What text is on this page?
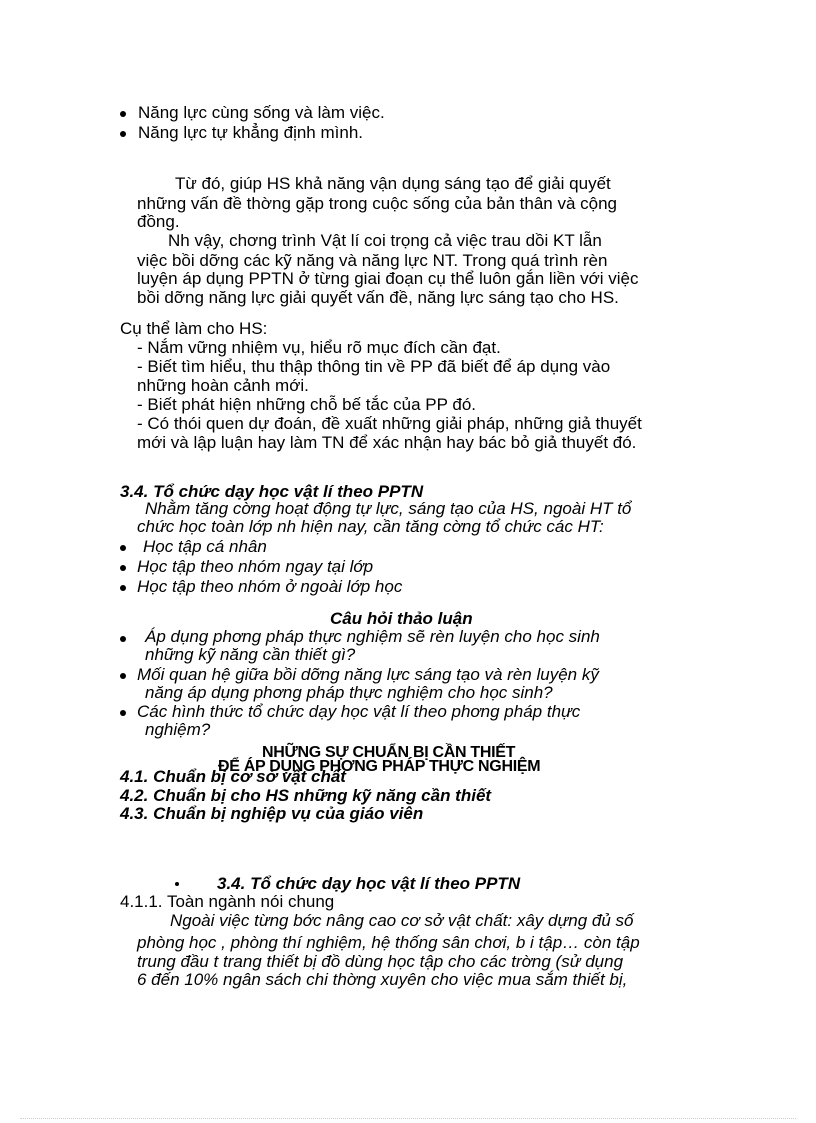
Năng lực cùng sống và làm việc.
Năng lực tự khẳng định mình.
Từ đó, giúp HS khả năng vận dụng sáng tạo để giải quyết
những vấn đề thờng gặp trong cuộc sống của bản thân và cộng
đồng.
Nh vậy, chơng trình Vật lí coi trọng cả việc trau dồi KT lẫn
việc bồi dỡng các kỹ năng và năng lực NT. Trong quá trình rèn
luyện áp dụng PPTN ở từng giai đoạn cụ thể luôn gắn liền với việc
bồi dỡng năng lực giải quyết vấn đề, năng lực sáng tạo cho HS.
Cụ thể làm cho HS:
- Nắm vững nhiệm vụ, hiểu rõ mục đích cần đạt.
- Biết tìm hiểu, thu thập thông tin về PP đã biết để áp dụng vào
những hoàn cảnh mới.
- Biết phát hiện những chỗ bế tắc của PP đó.
- Có thói quen dự đoán, đề xuất những giải pháp, những giả thuyết
mới và lập luận hay làm TN để xác nhận hay bác bỏ giả thuyết đó.
3.4. Tổ chức dạy học vật lí theo PPTN
Nhằm tăng cờng hoạt động tự lực, sáng tạo của HS, ngoài HT tổ
chức học toàn lớp nh hiện nay, cần tăng cờng tổ chức các HT:
Học tập cá nhân
Học tập theo nhóm ngay tại lớp
Học tập theo nhóm ở ngoài lớp học
Câu hỏi thảo luận
Áp dụng phơng pháp thực nghiệm sẽ rèn luyện cho học sinh
những kỹ năng cần thiết gì?
Mối quan hệ giữa bồi dỡng năng lực sáng tạo và rèn luyện kỹ
năng áp dụng phơng pháp thực nghiệm cho học sinh?
Các hình thức tổ chức dạy học vật lí theo phơng pháp thực
nghiệm?
NHỮNG SỰ CHUẨN BỊ CẦN THIẾT
ĐỂ ÁP DỤNG PHƠNG PHÁP THỰC NGHIỆM
4.1. Chuẩn bị cơ sở vật chất
4.2. Chuẩn bị cho HS những kỹ năng cần thiết
4.3. Chuẩn bị nghiệp vụ của giáo viên
3.4. Tổ chức dạy học vật lí theo PPTN
4.1.1. Toàn ngành nói chung
Ngoài việc từng bớc nâng cao cơ sở vật chất: xây dựng đủ số
phòng học , phòng thí nghiệm, hệ thống sân chơi, b i tập… còn tập
trung đầu t trang thiết bị đồ dùng học tập cho các trờng (sử dụng
6 đến 10% ngân sách chi thờng xuyên cho việc mua sắm thiết bị,
